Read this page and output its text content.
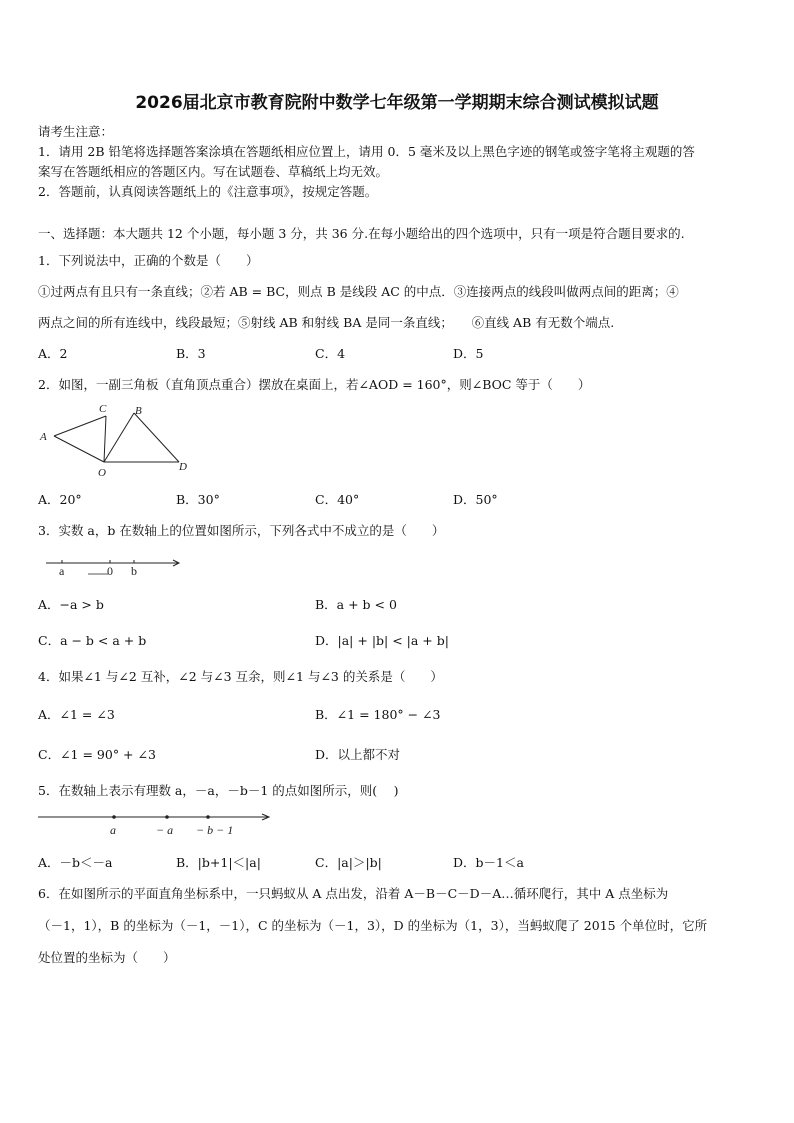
2026届北京市教育院附中数学七年级第一学期期末综合测试模拟试题
请考生注意：
1．请用 2B 铅笔将选择题答案涂填在答题纸相应位置上，请用 0．5 毫米及以上黑色字迹的钢笔或签字笔将主观题的答
案写在答题纸相应的答题区内。写在试题卷、草稿纸上均无效。
2．答题前，认真阅读答题纸上的《注意事项》，按规定答题。
一、选择题：本大题共 12 个小题，每小题 3 分，共 36 分.在每小题给出的四个选项中，只有一项是符合题目要求的.
1．下列说法中，正确的个数是（　　）
①过两点有且只有一条直线；②若 AB = BC，则点 B 是线段 AC 的中点．③连接两点的线段叫做两点间的距离；④
两点之间的所有连线中，线段最短；⑤射线 AB 和射线 BA 是同一条直线；　　⑥直线 AB 有无数个端点.
A．2	B．3	C．4	D．5
2．如图，一副三角板（直角顶点重合）摆放在桌面上，若∠AOD = 160°，则∠BOC 等于（　　）
C	B
A
O	D
A．20°	B．30°	C．40°	D．50°
3．实数 a，b 在数轴上的位置如图所示，下列各式中不成立的是（　　）
a	0 b
A．−a > b	B．a + b < 0
C．a − b < a + b	D．|a| + |b| < |a + b|
4．如果∠1 与∠2 互补，∠2 与∠3 互余，则∠1 与∠3 的关系是（　　）
A．∠1 = ∠3	B．∠1 = 180° − ∠3
C．∠1 = 90° + ∠3	D．以上都不对
5．在数轴上表示有理数 a，－a，－b－1 的点如图所示，则(　 )
a	− a − b − 1
A．－b＜－a	B．|b+1|＜|a|	C．|a|＞|b|	D．b－1＜a
6．在如图所示的平面直角坐标系中，一只蚂蚁从 A 点出发，沿着 A－B－C－D－A…循环爬行，其中 A 点坐标为
（－1，1），B 的坐标为（－1，－1），C 的坐标为（－1，3），D 的坐标为（1，3），当蚂蚁爬了 2015 个单位时，它所
处位置的坐标为（　　）
